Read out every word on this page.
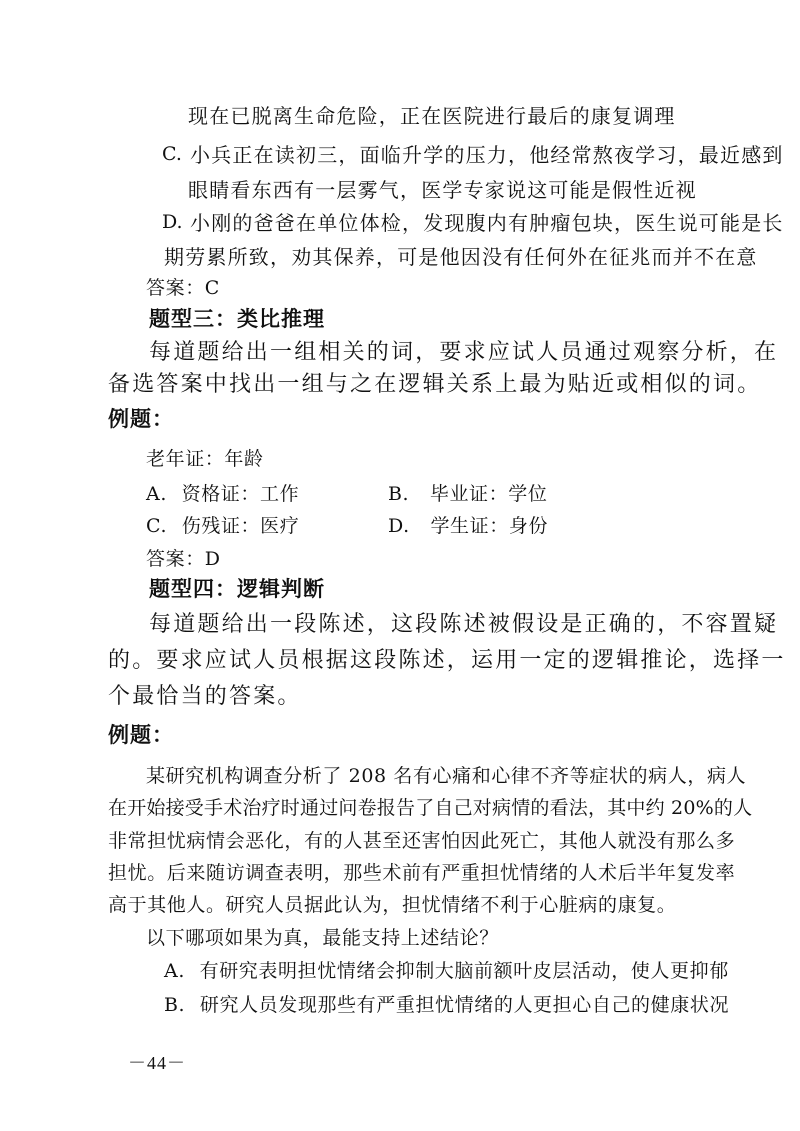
现在已脱离生命危险，正在医院进行最后的康复调理
C. 小兵正在读初三，面临升学的压力，他经常熬夜学习，最近感到
眼睛看东西有一层雾气，医学专家说这可能是假性近视
D. 小刚的爸爸在单位体检，发现腹内有肿瘤包块，医生说可能是长
期劳累所致，劝其保养，可是他因没有任何外在征兆而并不在意
答案：C
题型三：类比推理
每道题给出一组相关的词，要求应试人员通过观察分析，在
备选答案中找出一组与之在逻辑关系上最为贴近或相似的词。
例题：
老年证：年龄
A. 资格证：工作	B. 毕业证：学位
C. 伤残证：医疗	D. 学生证：身份
答案：D
题型四：逻辑判断
每道题给出一段陈述，这段陈述被假设是正确的，不容置疑
的。要求应试人员根据这段陈述，运用一定的逻辑推论，选择一
个最恰当的答案。
例题：
某研究机构调查分析了 208 名有心痛和心律不齐等症状的病人，病人
在开始接受手术治疗时通过问卷报告了自己对病情的看法，其中约 20%的人
非常担忧病情会恶化，有的人甚至还害怕因此死亡，其他人就没有那么多
担忧。后来随访调查表明，那些术前有严重担忧情绪的人术后半年复发率
高于其他人。研究人员据此认为，担忧情绪不利于心脏病的康复。
以下哪项如果为真，最能支持上述结论？
A. 有研究表明担忧情绪会抑制大脑前额叶皮层活动，使人更抑郁
B. 研究人员发现那些有严重担忧情绪的人更担心自己的健康状况
－44－
